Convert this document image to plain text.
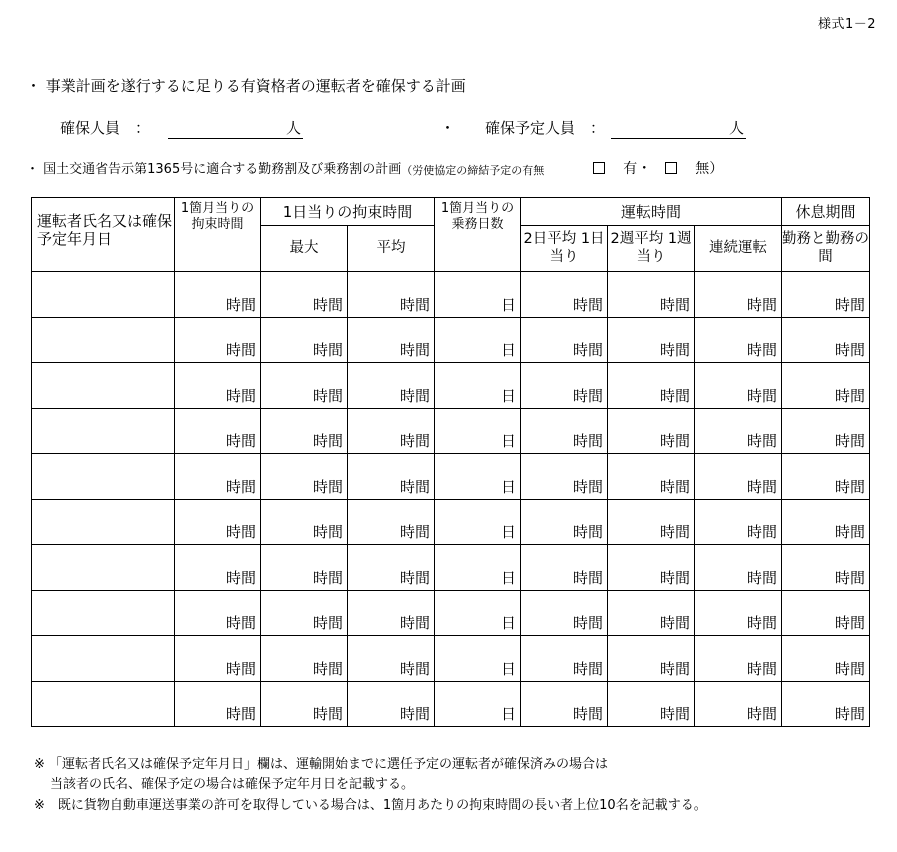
様式1－2
・ 事業計画を遂行するに足りる有資格者の運転者を確保する計画
確保人員　：	人	・　　確保予定人員　：	人
・ 国土交通省告示第1365号に適合する勤務割及び乗務割の計画（労使協定の締結予定の有無	有・	無）
運転者氏名又は確保予定年月日	1箇月当りの拘束時間	1日当りの拘束時間		1箇月当りの乗務日数	運転時間			休息期間
		最大	平均		2日平均 1日当り	2週平均 1週当り	連続運転	勤務と勤務の間
	時間	時間	時間	日	時間	時間	時間	時間
	時間	時間	時間	日	時間	時間	時間	時間
	時間	時間	時間	日	時間	時間	時間	時間
	時間	時間	時間	日	時間	時間	時間	時間
	時間	時間	時間	日	時間	時間	時間	時間
	時間	時間	時間	日	時間	時間	時間	時間
	時間	時間	時間	日	時間	時間	時間	時間
	時間	時間	時間	日	時間	時間	時間	時間
	時間	時間	時間	日	時間	時間	時間	時間
	時間	時間	時間	日	時間	時間	時間	時間
※ 「運転者氏名又は確保予定年月日」欄は、運輸開始までに選任予定の運転者が確保済みの場合は
当該者の氏名、確保予定の場合は確保予定年月日を記載する。
※　既に貨物自動車運送事業の許可を取得している場合は、1箇月あたりの拘束時間の長い者上位10名を記載する。
